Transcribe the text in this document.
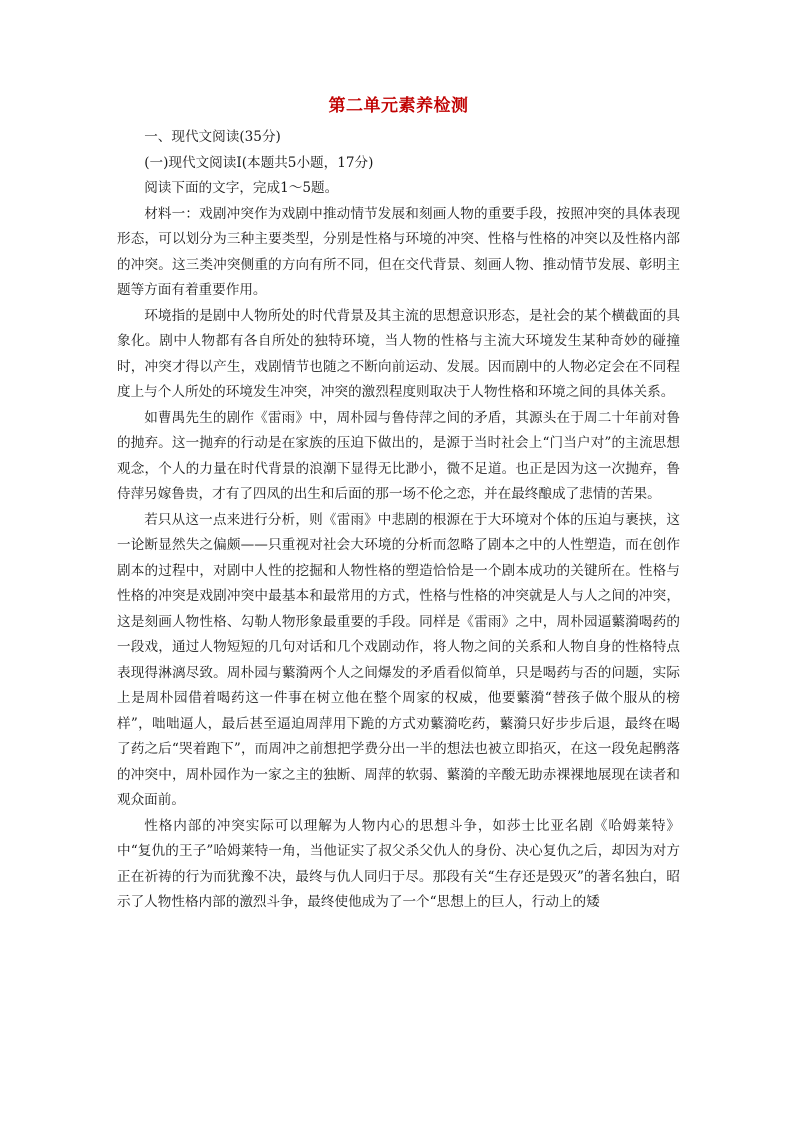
第二单元素养检测

一、现代文阅读(35分)

(一)现代文阅读Ⅰ(本题共5小题，17分)

阅读下面的文字，完成1～5题。

材料一：戏剧冲突作为戏剧中推动情节发展和刻画人物的重要手段，按照冲突的具体表现形态，可以划分为三种主要类型，分别是性格与环境的冲突、性格与性格的冲突以及性格内部的冲突。这三类冲突侧重的方向有所不同，但在交代背景、刻画人物、推动情节发展、彰明主题等方面有着重要作用。

环境指的是剧中人物所处的时代背景及其主流的思想意识形态，是社会的某个横截面的具象化。剧中人物都有各自所处的独特环境，当人物的性格与主流大环境发生某种奇妙的碰撞时，冲突才得以产生，戏剧情节也随之不断向前运动、发展。因而剧中的人物必定会在不同程度上与个人所处的环境发生冲突，冲突的激烈程度则取决于人物性格和环境之间的具体关系。

如曹禺先生的剧作《雷雨》中，周朴园与鲁侍萍之间的矛盾，其源头在于周二十年前对鲁的抛弃。这一抛弃的行动是在家族的压迫下做出的，是源于当时社会上“门当户对”的主流思想观念，个人的力量在时代背景的浪潮下显得无比渺小，微不足道。也正是因为这一次抛弃，鲁侍萍另嫁鲁贵，才有了四凤的出生和后面的那一场不伦之恋，并在最终酿成了悲情的苦果。

若只从这一点来进行分析，则《雷雨》中悲剧的根源在于大环境对个体的压迫与裹挟，这一论断显然失之偏颇——只重视对社会大环境的分析而忽略了剧本之中的人性塑造，而在创作剧本的过程中，对剧中人性的挖掘和人物性格的塑造恰恰是一个剧本成功的关键所在。性格与性格的冲突是戏剧冲突中最基本和最常用的方式，性格与性格的冲突就是人与人之间的冲突，这是刻画人物性格、勾勒人物形象最重要的手段。同样是《雷雨》之中，周朴园逼蘩漪喝药的一段戏，通过人物短短的几句对话和几个戏剧动作，将人物之间的关系和人物自身的性格特点表现得淋漓尽致。周朴园与蘩漪两个人之间爆发的矛盾看似简单，只是喝药与否的问题，实际上是周朴园借着喝药这一件事在树立他在整个周家的权威，他要蘩漪“替孩子做个服从的榜样”，咄咄逼人，最后甚至逼迫周萍用下跪的方式劝蘩漪吃药，蘩漪只好步步后退，最终在喝了药之后“哭着跑下”，而周冲之前想把学费分出一半的想法也被立即掐灭，在这一段免起鹘落的冲突中，周朴园作为一家之主的独断、周萍的软弱、蘩漪的辛酸无助赤裸裸地展现在读者和观众面前。

性格内部的冲突实际可以理解为人物内心的思想斗争，如莎士比亚名剧《哈姆莱特》中“复仇的王子”哈姆莱特一角，当他证实了叔父杀父仇人的身份、决心复仇之后，却因为对方正在祈祷的行为而犹豫不决，最终与仇人同归于尽。那段有关“生存还是毁灭”的著名独白，昭示了人物性格内部的激烈斗争，最终使他成为了一个“思想上的巨人，行动上的矮
